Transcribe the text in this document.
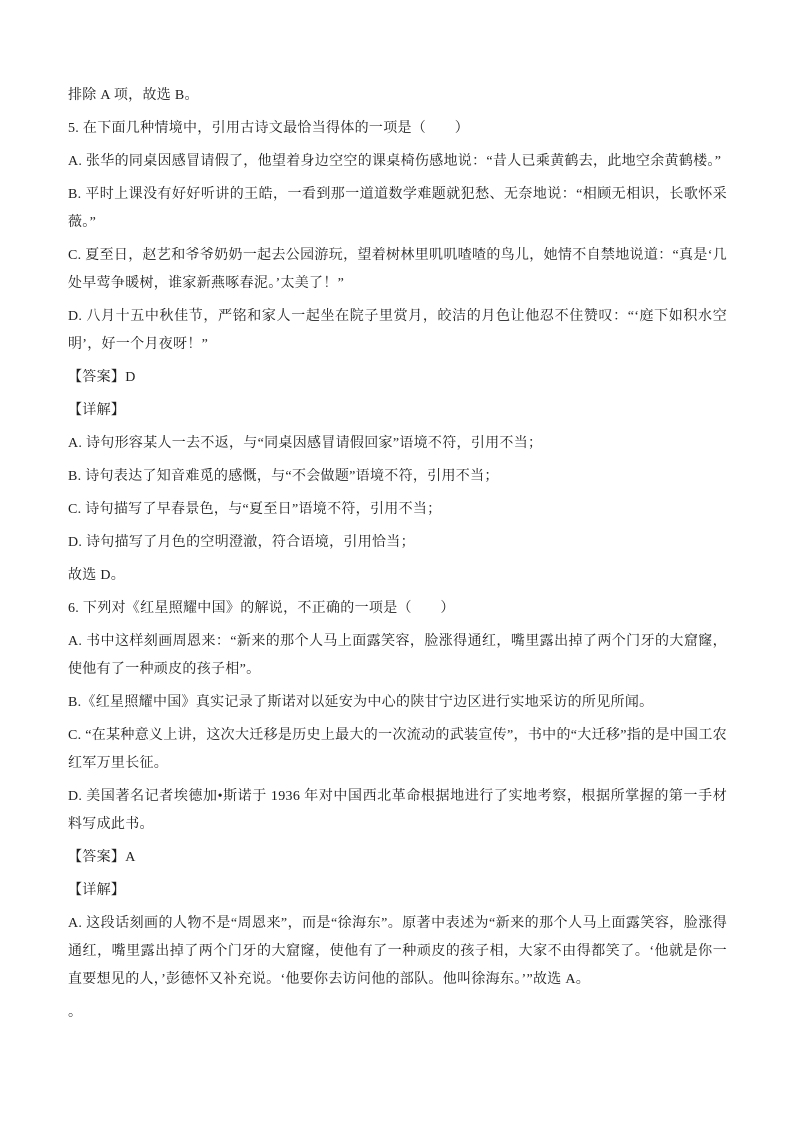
排除 A 项，故选 B。

5. 在下面几种情境中，引用古诗文最恰当得体的一项是（　　）

A. 张华的同桌因感冒请假了，他望着身边空空的课桌椅伤感地说：“昔人已乘黄鹤去，此地空余黄鹤楼。”

B. 平时上课没有好好听讲的王皓，一看到那一道道数学难题就犯愁、无奈地说：“相顾无相识，长歌怀采薇。”

C. 夏至日，赵艺和爷爷奶奶一起去公园游玩，望着树林里叽叽喳喳的鸟儿，她情不自禁地说道：“真是‘几处早莺争暖树，谁家新燕啄春泥。’太美了！”

D. 八月十五中秋佳节，严铭和家人一起坐在院子里赏月，皎洁的月色让他忍不住赞叹：“‘庭下如积水空明’，好一个月夜呀！”

【答案】D

【详解】

A. 诗句形容某人一去不返，与“同桌因感冒请假回家”语境不符，引用不当；

B. 诗句表达了知音难觅的感慨，与“不会做题”语境不符，引用不当；

C. 诗句描写了早春景色，与“夏至日”语境不符，引用不当；

D. 诗句描写了月色的空明澄澈，符合语境，引用恰当；

故选 D。

6. 下列对《红星照耀中国》的解说，不正确的一项是（　　）

A. 书中这样刻画周恩来：“新来的那个人马上面露笑容，脸涨得通红，嘴里露出掉了两个门牙的大窟窿，使他有了一种顽皮的孩子相”。

B.《红星照耀中国》真实记录了斯诺对以延安为中心的陕甘宁边区进行实地采访的所见所闻。

C. “在某种意义上讲，这次大迁移是历史上最大的一次流动的武装宣传”，书中的“大迁移”指的是中国工农红军万里长征。

D. 美国著名记者埃德加•斯诺于 1936 年对中国西北革命根据地进行了实地考察，根据所掌握的第一手材料写成此书。

【答案】A

【详解】

A. 这段话刻画的人物不是“周恩来”，而是“徐海东”。原著中表述为“新来的那个人马上面露笑容，脸涨得通红，嘴里露出掉了两个门牙的大窟窿，使他有了一种顽皮的孩子相，大家不由得都笑了。‘他就是你一直要想见的人，’彭德怀又补充说。‘他要你去访问他的部队。他叫徐海东。’”故选 A。

。
